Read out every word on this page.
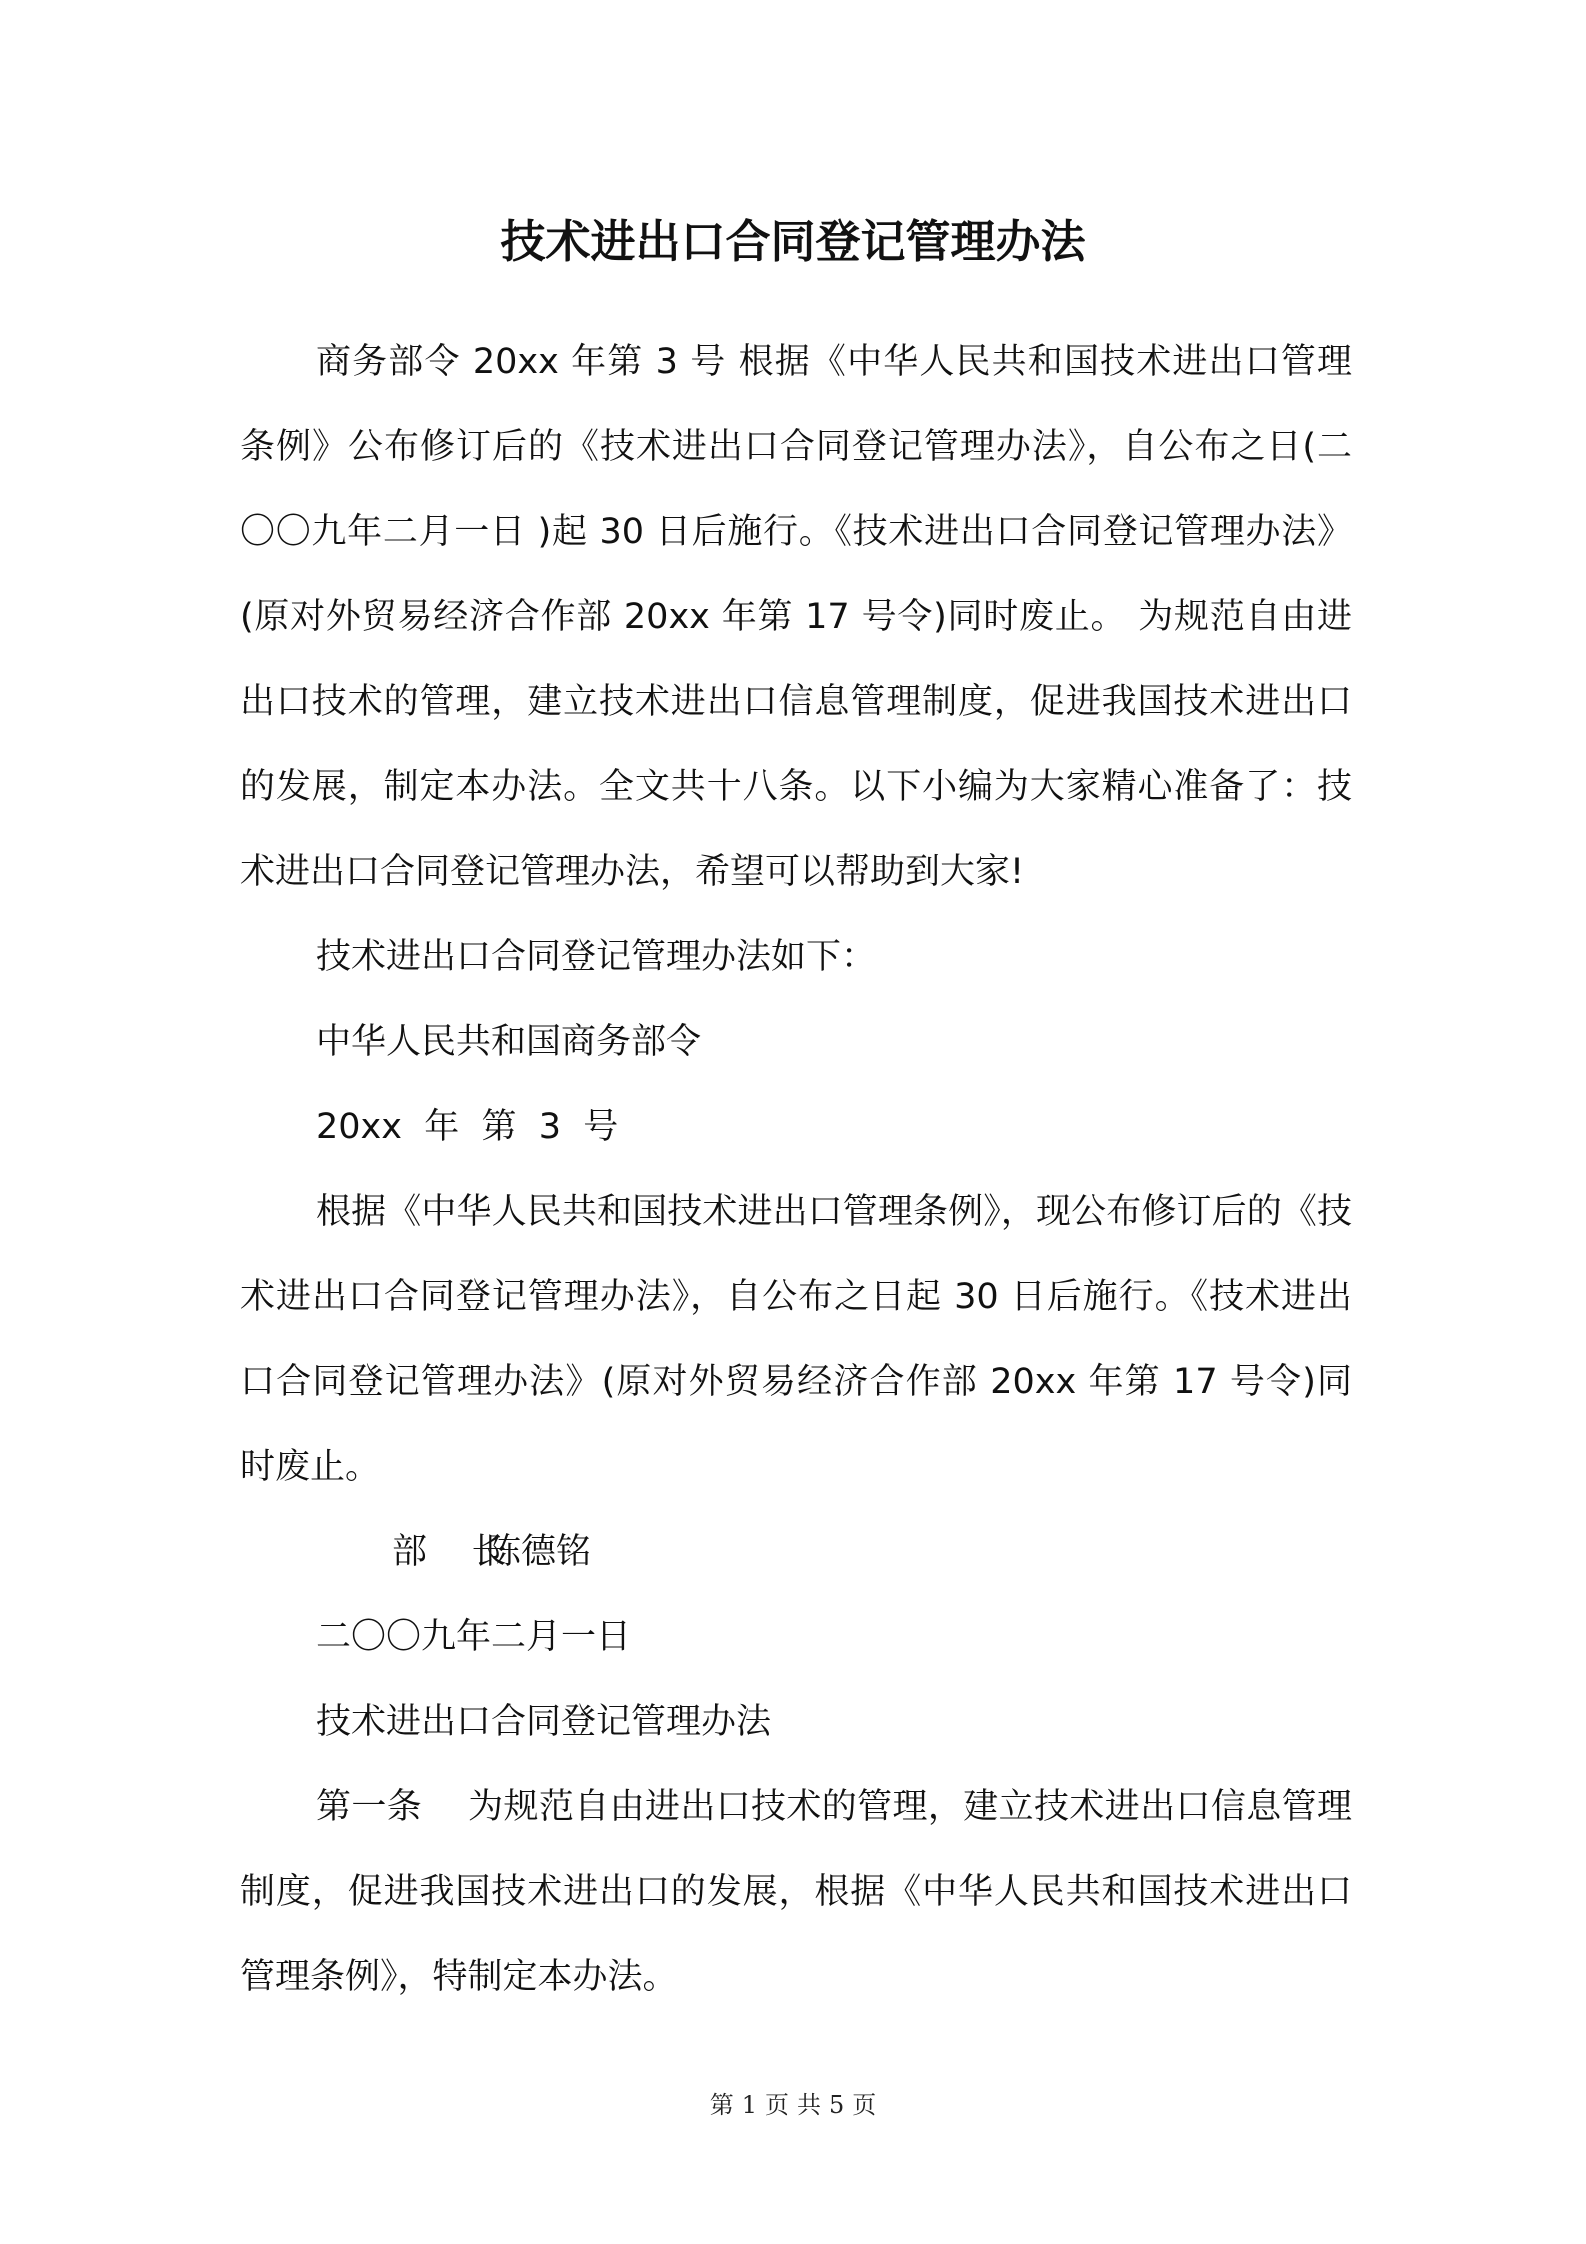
技术进出口合同登记管理办法

商务部令 20xx 年第 3 号 根据《中华人民共和国技术进出口管理条例》公布修订后的《技术进出口合同登记管理办法》，自公布之日(二〇〇九年二月一日 )起 30 日后施行。《技术进出口合同登记管理办法》(原对外贸易经济合作部 20xx 年第 17 号令)同时废止。 为规范自由进出口技术的管理，建立技术进出口信息管理制度，促进我国技术进出口的发展，制定本办法。全文共十八条。以下小编为大家精心准备了：技术进出口合同登记管理办法，希望可以帮助到大家!

技术进出口合同登记管理办法如下：

中华人民共和国商务部令

20xx  年  第  3  号

根据《中华人民共和国技术进出口管理条例》，现公布修订后的《技术进出口合同登记管理办法》，自公布之日起 30 日后施行。《技术进出口合同登记管理办法》(原对外贸易经济合作部 20xx 年第 17 号令)同时废止。

部    长陈德铭

二〇〇九年二月一日

技术进出口合同登记管理办法

第一条    为规范自由进出口技术的管理，建立技术进出口信息管理制度，促进我国技术进出口的发展，根据《中华人民共和国技术进出口管理条例》，特制定本办法。

第 1 页 共 5 页
